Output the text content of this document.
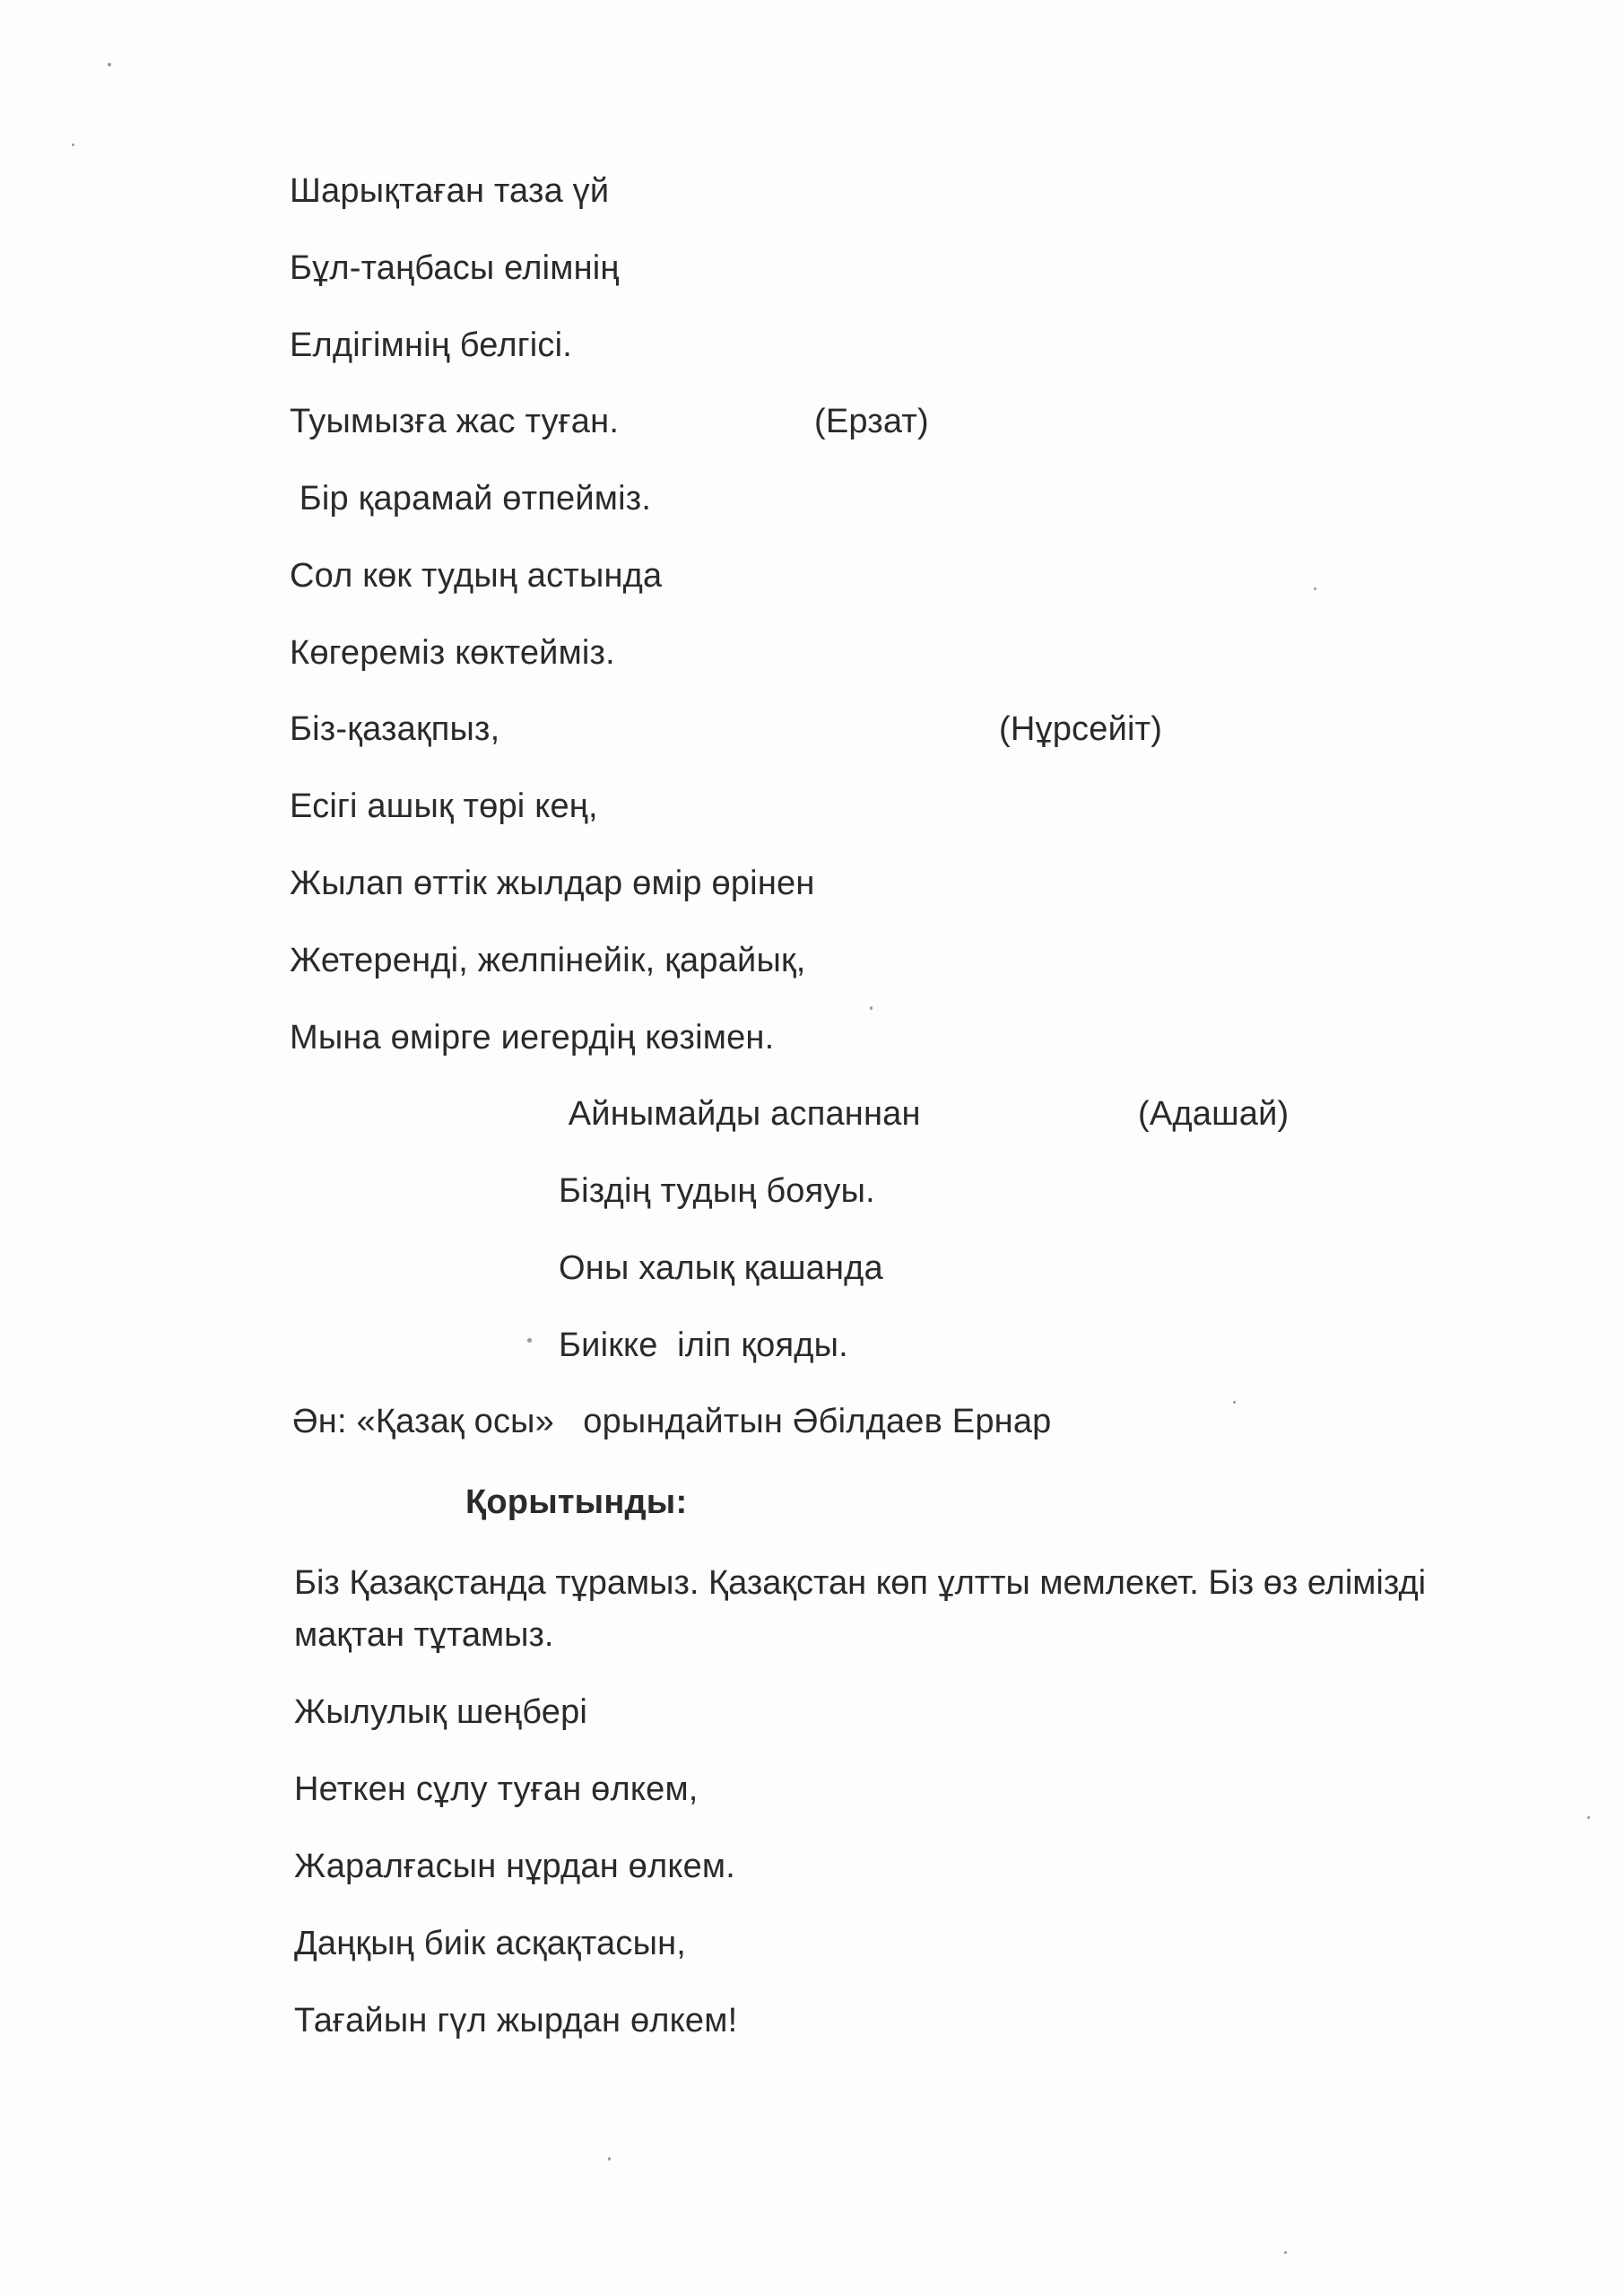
Шарықтаған таза үй
Бұл-таңбасы елімнің
Елдігімнің белгісі.
Туымызға жас туған.	(Ерзат)
Бір қарамай өтпейміз.
Сол көк тудың астында
Көгереміз көктейміз.
Біз-қазақпыз,	(Нұрсейіт)
Есігі ашық төрі кең,
Жылап өттік жылдар өмір өрінен
Жетеренді, желпінейік, қарайық,
Мына өмірге иегердің көзімен.
Айнымайды аспаннан	(Адашай)
Біздің тудың бояуы.
Оны халық қашанда
Биікке  іліп қояды.
Ән: «Қазақ осы»   орындайтын Әбілдаев Ернар
Қорытынды:
Біз Қазақстанда тұрамыз. Қазақстан көп ұлтты мемлекет. Біз өз елімізді мақтан тұтамыз.
Жылулық шеңбері
Неткен сұлу туған өлкем,
Жаралғасын нұрдан өлкем.
Даңқың биік асқақтасын,
Тағайын гүл жырдан өлкем!
